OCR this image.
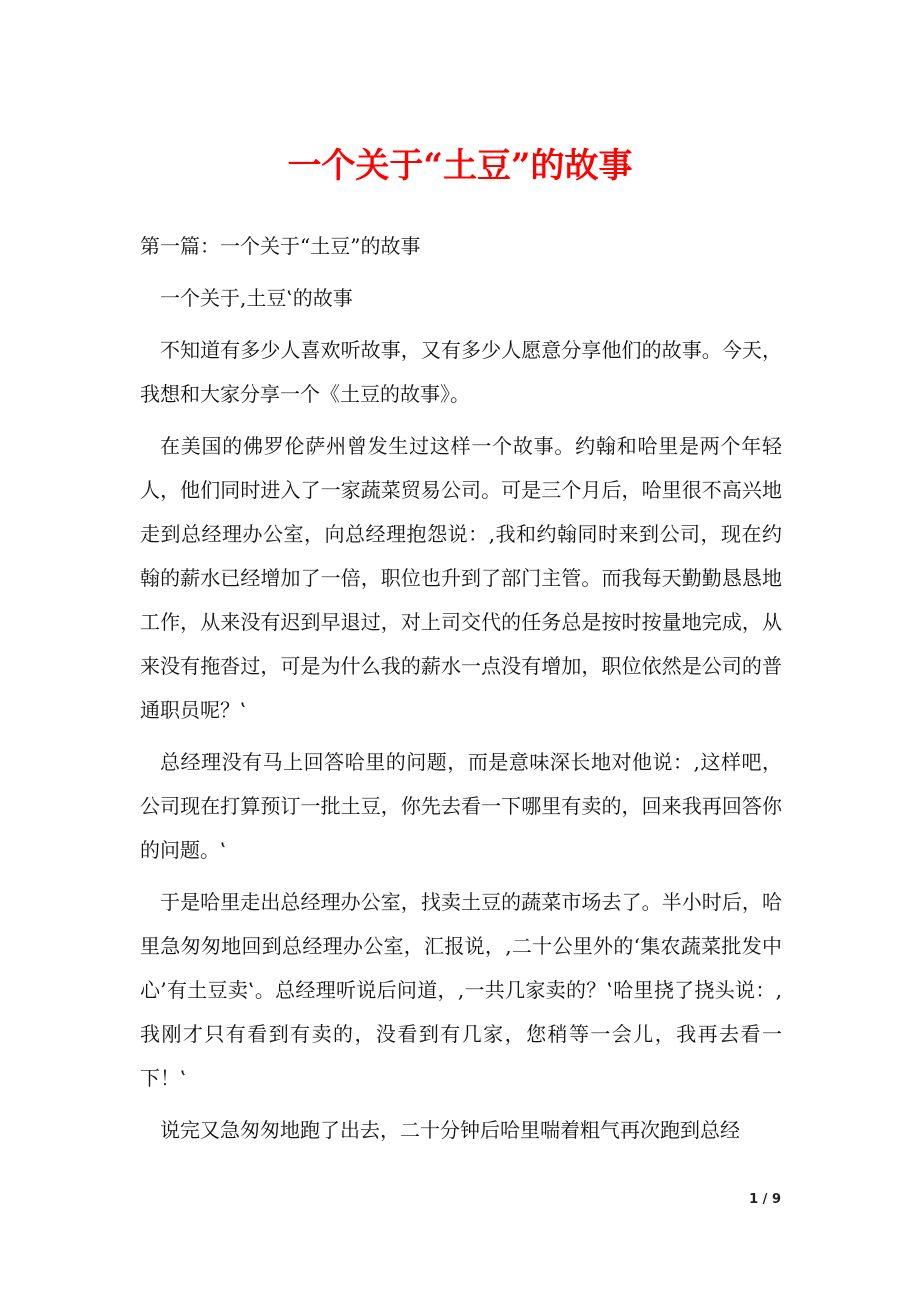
一个关于“土豆”的故事

第一篇：一个关于“土豆”的故事

一个关于,土豆‛的故事

不知道有多少人喜欢听故事，又有多少人愿意分享他们的故事。今天，我想和大家分享一个《土豆的故事》。

在美国的佛罗伦萨州曾发生过这样一个故事。约翰和哈里是两个年轻人，他们同时进入了一家蔬菜贸易公司。可是三个月后，哈里很不高兴地走到总经理办公室，向总经理抱怨说：,我和约翰同时来到公司，现在约翰的薪水已经增加了一倍，职位也升到了部门主管。而我每天勤勤恳恳地工作，从来没有迟到早退过，对上司交代的任务总是按时按量地完成，从来没有拖沓过，可是为什么我的薪水一点没有增加，职位依然是公司的普通职员呢？‛

总经理没有马上回答哈里的问题，而是意味深长地对他说：,这样吧，公司现在打算预订一批土豆，你先去看一下哪里有卖的，回来我再回答你的问题。‛

于是哈里走出总经理办公室，找卖土豆的蔬菜市场去了。半小时后，哈里急匆匆地回到总经理办公室，汇报说，,二十公里外的‘集农蔬菜批发中心’有土豆卖‛。总经理听说后问道，,一共几家卖的？‛哈里挠了挠头说：,我刚才只有看到有卖的，没看到有几家，您稍等一会儿，我再去看一下！‛

说完又急匆匆地跑了出去，二十分钟后哈里喘着粗气再次跑到总经

1 / 9
